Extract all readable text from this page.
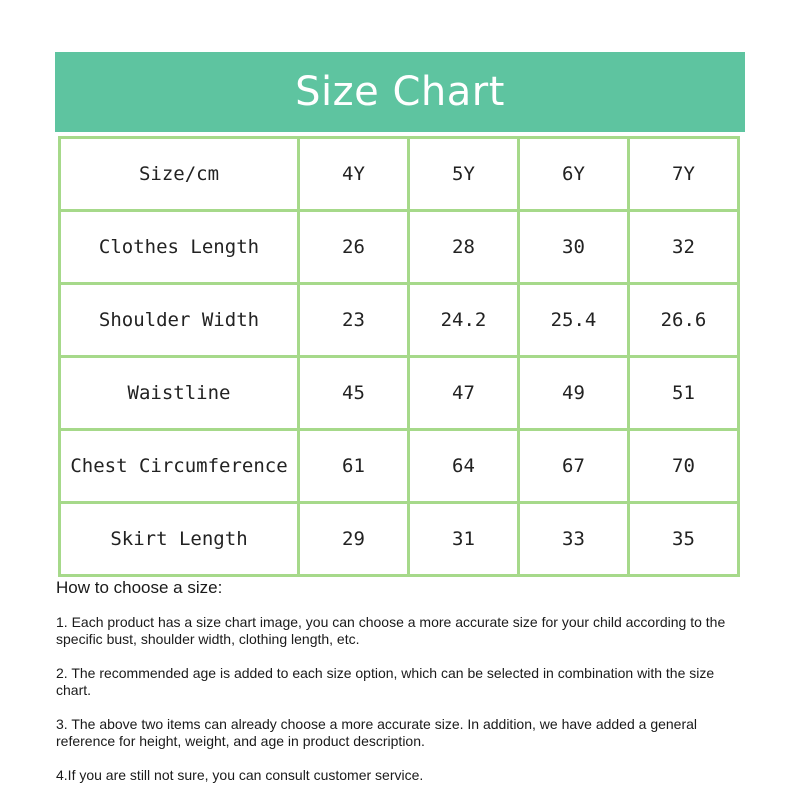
Size Chart
Size/cm	4Y	5Y	6Y	7Y
Clothes Length	26	28	30	32
Shoulder Width	23	24.2	25.4	26.6
Waistline	45	47	49	51
Chest Circumference	61	64	67	70
Skirt Length	29	31	33	35
How to choose a size:
1. Each product has a size chart image, you can choose a more accurate size for your child according to the specific bust, shoulder width, clothing length, etc.
2. The recommended age is added to each size option, which can be selected in combination with the size chart.
3. The above two items can already choose a more accurate size. In addition, we have added a general reference for height, weight, and age in product description.
4.If you are still not sure, you can consult customer service.
